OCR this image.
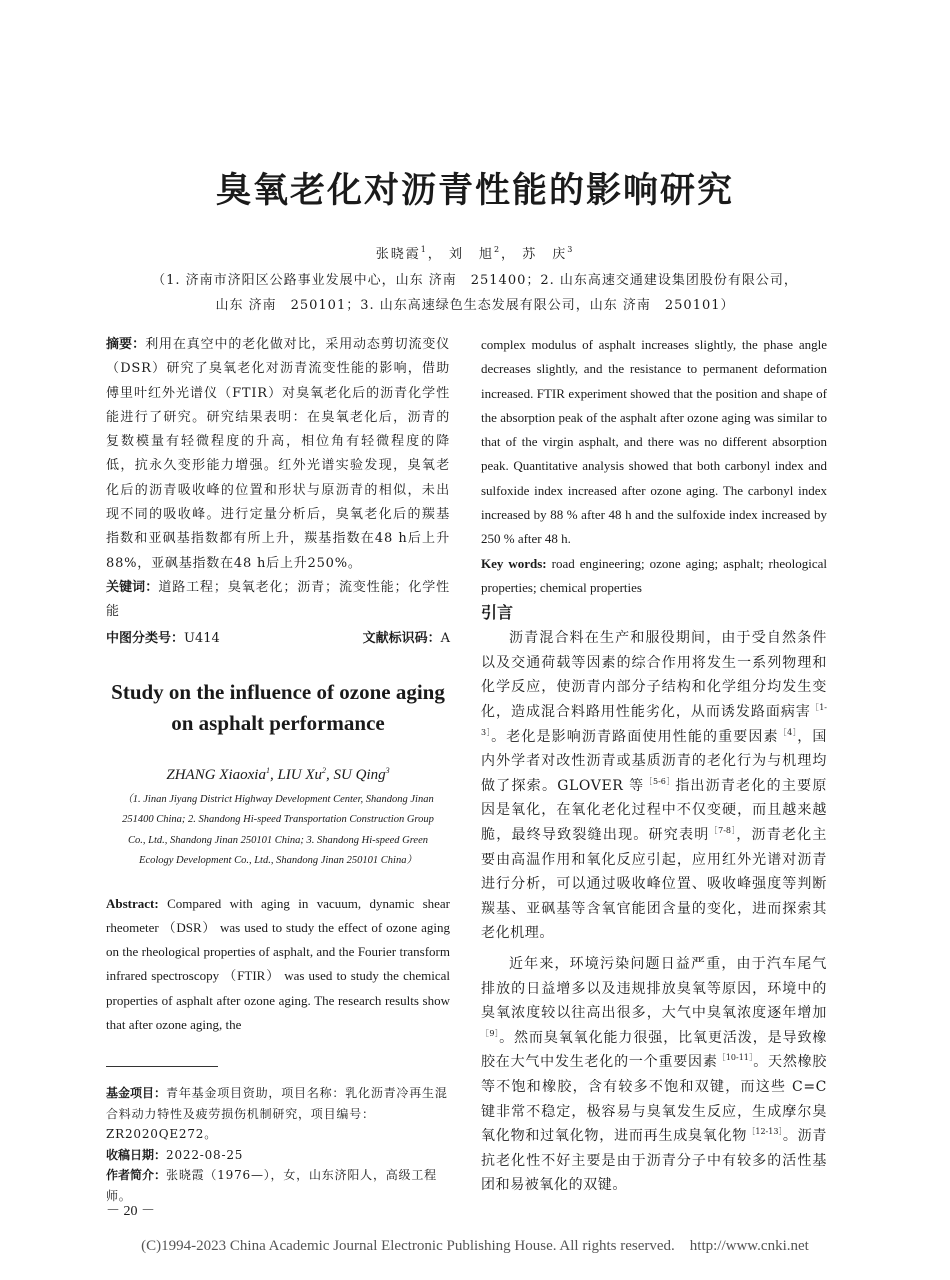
臭氧老化对沥青性能的影响研究
张晓霞$^1$， 刘　旭$^2$， 苏　庆$^3$
（1. 济南市济阳区公路事业发展中心，山东 济南　251400；2. 山东高速交通建设集团股份有限公司，
山东 济南　250101；3. 山东高速绿色生态发展有限公司，山东 济南　250101）

摘要：利用在真空中的老化做对比，采用动态剪切流变仪（DSR）研究了臭氧老化对沥青流变性能的影响，借助傅里叶红外光谱仪（FTIR）对臭氧老化后的沥青化学性能进行了研究。研究结果表明：在臭氧老化后，沥青的复数模量有轻微程度的升高，相位角有轻微程度的降低，抗永久变形能力增强。红外光谱实验发现，臭氧老化后的沥青吸收峰的位置和形状与原沥青的相似，未出现不同的吸收峰。进行定量分析后，臭氧老化后的羰基指数和亚砜基指数都有所上升，羰基指数在48 h后上升88%，亚砜基指数在48 h后上升250%。

关键词：道路工程；臭氧老化；沥青；流变性能；化学性能

中图分类号：U414	文献标识码：A
Study on the influence of ozone aging
on asphalt performance
ZHANG Xiaoxia$^1$, LIU Xu$^2$, SU Qing$^3$
（1. Jinan Jiyang District Highway Development Center, Shandong Jinan
251400 China; 2. Shandong Hi-speed Transportation Construction Group
Co., Ltd., Shandong Jinan 250101 China; 3. Shandong Hi-speed Green
Ecology Development Co., Ltd., Shandong Jinan 250101 China）

Abstract: Compared with aging in vacuum, dynamic shear rheometer （DSR） was used to study the effect of ozone aging on the rheological properties of asphalt, and the Fourier transform infrared spectroscopy （FTIR） was used to study the chemical properties of asphalt after ozone aging. The research results show that after ozone aging, the

基金项目：青年基金项目资助，项目名称：乳化沥青冷再生混合料动力特性及疲劳损伤机制研究，项目编号：ZR2020QE272。
收稿日期：2022-08-25
作者简介：张晓霞（1976—），女，山东济阳人，高级工程师。

complex modulus of asphalt increases slightly, the phase angle decreases slightly, and the resistance to permanent deformation increased. FTIR experiment showed that the position and shape of the absorption peak of the asphalt after ozone aging was similar to that of the virgin asphalt, and there was no different absorption peak. Quantitative analysis showed that both carbonyl index and sulfoxide index increased after ozone aging. The carbonyl index increased by 88 % after 48 h and the sulfoxide index increased by 250 % after 48 h.

Key words: road engineering; ozone aging; asphalt; rheological properties; chemical properties

引言

沥青混合料在生产和服役期间，由于受自然条件以及交通荷载等因素的综合作用将发生一系列物理和化学反应，使沥青内部分子结构和化学组分均发生变化，造成混合料路用性能劣化，从而诱发路面病害$^{[1-3]}$。老化是影响沥青路面使用性能的重要因素$^{[4]}$，国内外学者对改性沥青或基质沥青的老化行为与机理均做了探索。GLOVER 等$^{[5-6]}$指出沥青老化的主要原因是氧化，在氧化老化过程中不仅变硬，而且越来越脆，最终导致裂缝出现。研究表明$^{[7-8]}$，沥青老化主要由高温作用和氧化反应引起，应用红外光谱对沥青进行分析，可以通过吸收峰位置、吸收峰强度等判断羰基、亚砜基等含氧官能团含量的变化，进而探索其老化机理。

近年来，环境污染问题日益严重，由于汽车尾气排放的日益增多以及违规排放臭氧等原因，环境中的臭氧浓度较以往高出很多，大气中臭氧浓度逐年增加$^{[9]}$。然而臭氧氧化能力很强，比氧更活泼，是导致橡胶在大气中发生老化的一个重要因素$^{[10-11]}$。天然橡胶等不饱和橡胶，含有较多不饱和双键，而这些 C=C 键非常不稳定，极容易与臭氧发生反应，生成摩尔臭氧化物和过氧化物，进而再生成臭氧化物$^{[12-13]}$。沥青抗老化性不好主要是由于沥青分子中有较多的活性基团和易被氧化的双键。

－ 20 －
(C)1994-2023 China Academic Journal Electronic Publishing House. All rights reserved.　http://www.cnki.net
